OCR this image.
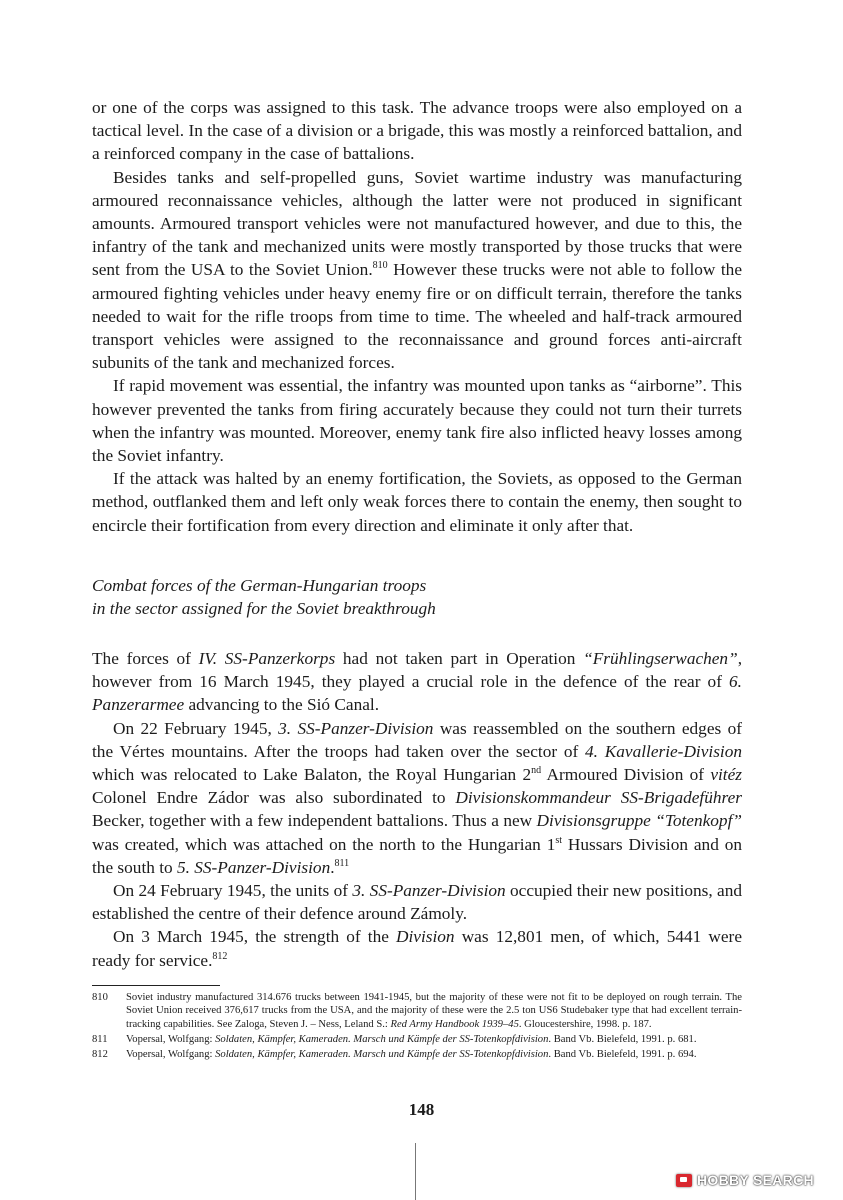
or one of the corps was assigned to this task. The advance troops were also employed on a tactical level. In the case of a division or a brigade, this was mostly a reinforced battalion, and a reinforced company in the case of battalions.

Besides tanks and self-propelled guns, Soviet wartime industry was manufacturing armoured reconnaissance vehicles, although the latter were not produced in significant amounts. Armoured transport vehicles were not manufactured however, and due to this, the infantry of the tank and mechanized units were mostly transported by those trucks that were sent from the USA to the Soviet Union.$^{810}$ However these trucks were not able to follow the armoured fighting vehicles under heavy enemy fire or on difficult terrain, therefore the tanks needed to wait for the rifle troops from time to time. The wheeled and half-track armoured transport vehicles were assigned to the reconnaissance and ground forces anti-aircraft subunits of the tank and mechanized forces.

If rapid movement was essential, the infantry was mounted upon tanks as “airborne”. This however prevented the tanks from firing accurately because they could not turn their turrets when the infantry was mounted. Moreover, enemy tank fire also inflicted heavy losses among the Soviet infantry.

If the attack was halted by an enemy fortification, the Soviets, as opposed to the German method, outflanked them and left only weak forces there to contain the enemy, then sought to encircle their fortification from every direction and eliminate it only after that.

Combat forces of the German-Hungarian troops
in the sector assigned for the Soviet breakthrough

The forces of IV. SS-Panzerkorps had not taken part in Operation “Frühlingserwachen”, however from 16 March 1945, they played a crucial role in the defence of the rear of 6. Panzerarmee advancing to the Sió Canal.

On 22 February 1945, 3. SS-Panzer-Division was reassembled on the southern edges of the Vértes mountains. After the troops had taken over the sector of 4. Kavallerie-Division which was relocated to Lake Balaton, the Royal Hungarian 2nd Armoured Division of vitéz Colonel Endre Zádor was also subordinated to Divisionskommandeur SS-Brigadeführer Becker, together with a few independent battalions. Thus a new Divisionsgruppe “Totenkopf” was created, which was attached on the north to the Hungarian 1st Hussars Division and on the south to 5. SS-Panzer-Division.$^{811}$

On 24 February 1945, the units of 3. SS-Panzer-Division occupied their new positions, and established the centre of their defence around Zámoly.

On 3 March 1945, the strength of the Division was 12,801 men, of which, 5441 were ready for service.$^{812}$

810	Soviet industry manufactured 314.676 trucks between 1941-1945, but the majority of these were not fit to be deployed on rough terrain. The Soviet Union received 376,617 trucks from the USA, and the majority of these were the 2.5 ton US6 Studebaker type that had excellent terrain-tracking capabilities. See Zaloga, Steven J. – Ness, Leland S.: Red Army Handbook 1939–45. Gloucestershire, 1998. p. 187.
811	Vopersal, Wolfgang: Soldaten, Kämpfer, Kameraden. Marsch und Kämpfe der SS-Totenkopfdivision. Band Vb. Bielefeld, 1991. p. 681.
812	Vopersal, Wolfgang: Soldaten, Kämpfer, Kameraden. Marsch und Kämpfe der SS-Totenkopfdivision. Band Vb. Bielefeld, 1991. p. 694.
148
HOBBY SEARCH
